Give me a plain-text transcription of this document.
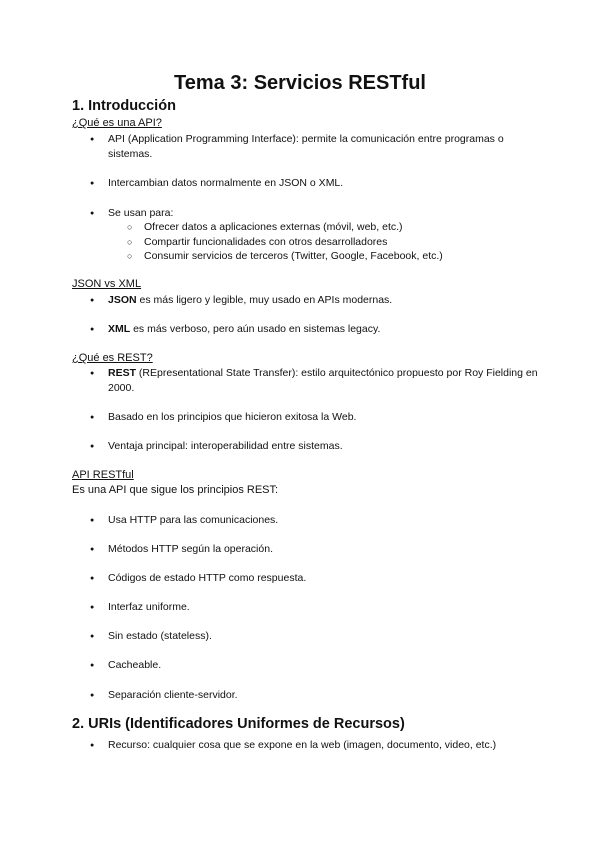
Tema 3: Servicios RESTful
1. Introducción

¿Qué es una API?

● API (Application Programming Interface): permite la comunicación entre programas o sistemas.

● Intercambian datos normalmente en JSON o XML.

● Se usan para:

○ Ofrecer datos a aplicaciones externas (móvil, web, etc.)

○ Compartir funcionalidades con otros desarrolladores

○ Consumir servicios de terceros (Twitter, Google, Facebook, etc.)

JSON vs XML

● JSON es más ligero y legible, muy usado en APIs modernas.

● XML es más verboso, pero aún usado en sistemas legacy.

¿Qué es REST?

● REST (REpresentational State Transfer): estilo arquitectónico propuesto por Roy Fielding en 2000.

● Basado en los principios que hicieron exitosa la Web.

● Ventaja principal: interoperabilidad entre sistemas.

API RESTful

Es una API que sigue los principios REST:

● Usa HTTP para las comunicaciones.

● Métodos HTTP según la operación.

● Códigos de estado HTTP como respuesta.

● Interfaz uniforme.

● Sin estado (stateless).

● Cacheable.

● Separación cliente-servidor.

2. URIs (Identificadores Uniformes de Recursos)

● Recurso: cualquier cosa que se expone en la web (imagen, documento, video, etc.)
